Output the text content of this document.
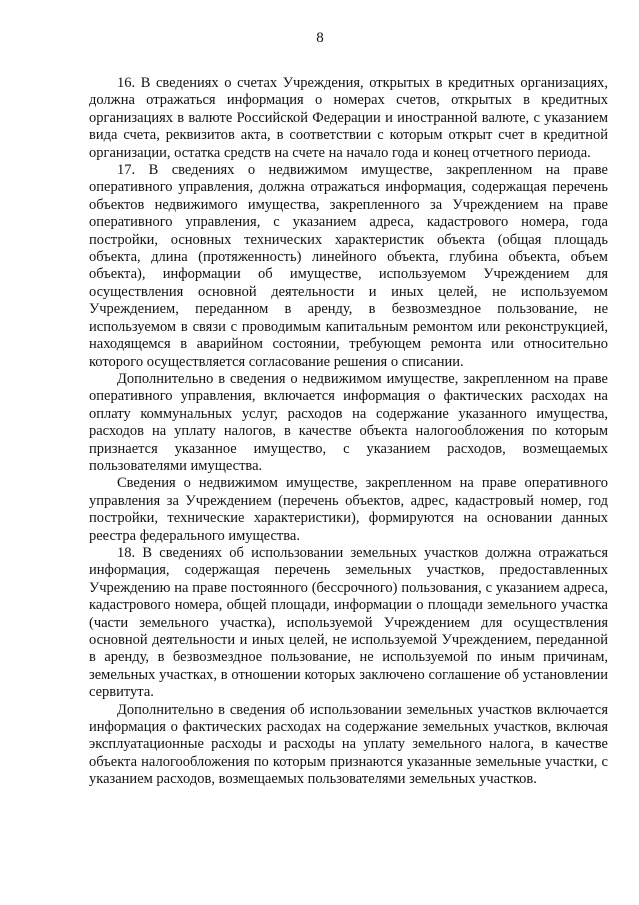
8

16. В сведениях о счетах Учреждения, открытых в кредитных организациях, должна отражаться информация о номерах счетов, открытых в кредитных организациях в валюте Российской Федерации и иностранной валюте, с указанием вида счета, реквизитов акта, в соответствии с которым открыт счет в кредитной организации, остатка средств на счете на начало года и конец отчетного периода.

17. В сведениях о недвижимом имуществе, закрепленном на праве оперативного управления, должна отражаться информация, содержащая перечень объектов недвижимого имущества, закрепленного за Учреждением на праве оперативного управления, с указанием адреса, кадастрового номера, года постройки, основных технических характеристик объекта (общая площадь объекта, длина (протяженность) линейного объекта, глубина объекта, объем объекта), информации об имуществе, используемом Учреждением для осуществления основной деятельности и иных целей, не используемом Учреждением, переданном в аренду, в безвозмездное пользование, не используемом в связи с проводимым капитальным ремонтом или реконструкцией, находящемся в аварийном состоянии, требующем ремонта или относительно которого осуществляется согласование решения о списании.

Дополнительно в сведения о недвижимом имуществе, закрепленном на праве оперативного управления, включается информация о фактических расходах на оплату коммунальных услуг, расходов на содержание указанного имущества, расходов на уплату налогов, в качестве объекта налогообложения по которым признается указанное имущество, с указанием расходов, возмещаемых пользователями имущества.

Сведения о недвижимом имуществе, закрепленном на праве оперативного управления за Учреждением (перечень объектов, адрес, кадастровый номер, год постройки, технические характеристики), формируются на основании данных реестра федерального имущества.

18. В сведениях об использовании земельных участков должна отражаться информация, содержащая перечень земельных участков, предоставленных Учреждению на праве постоянного (бессрочного) пользования, с указанием адреса, кадастрового номера, общей площади, информации о площади земельного участка (части земельного участка), используемой Учреждением для осуществления основной деятельности и иных целей, не используемой Учреждением, переданной в аренду, в безвозмездное пользование, не используемой по иным причинам, земельных участках, в отношении которых заключено соглашение об установлении сервитута.

Дополнительно в сведения об использовании земельных участков включается информация о фактических расходах на содержание земельных участков, включая эксплуатационные расходы и расходы на уплату земельного налога, в качестве объекта налогообложения по которым признаются указанные земельные участки, с указанием расходов, возмещаемых пользователями земельных участков.
